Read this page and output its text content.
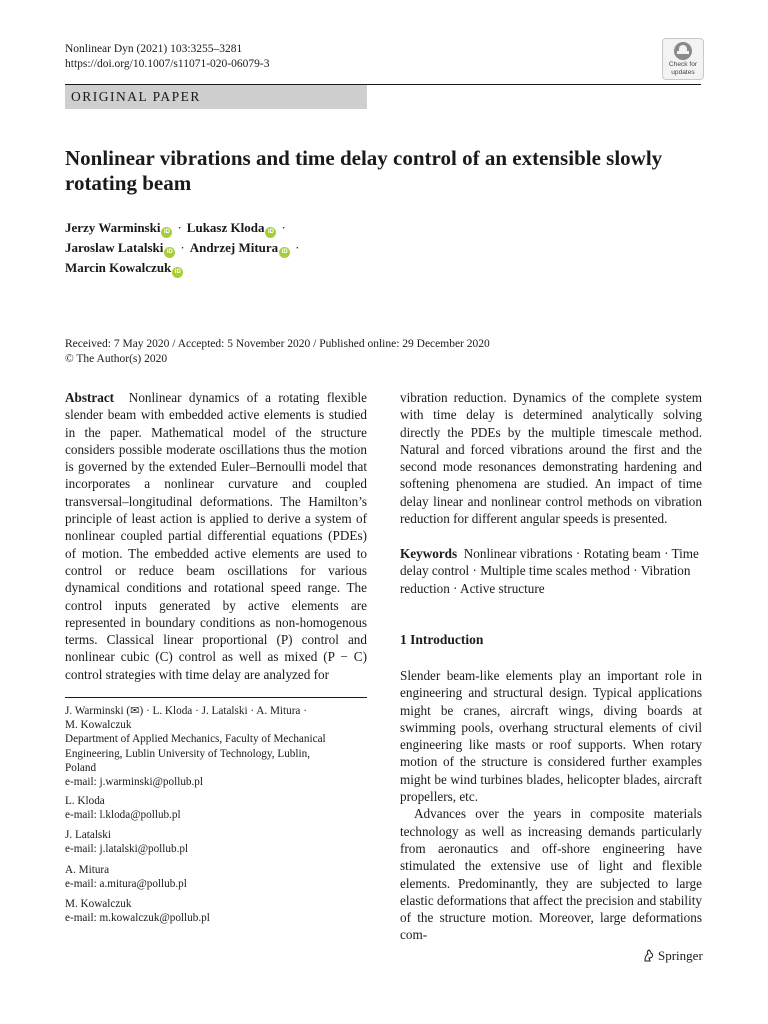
Nonlinear Dyn (2021) 103:3255–3281
https://doi.org/10.1007/s11071-020-06079-3	Check for
updates
ORIGINAL PAPER
Nonlinear vibrations and time delay control of an extensible slowly rotating beam
Jerzy Warminski iD · Lukasz Kloda iD ·
Jaroslaw Latalski iD · Andrzej Mitura iD ·
Marcin Kowalczuk iD
Received: 7 May 2020 / Accepted: 5 November 2020 / Published online: 29 December 2020
© The Author(s) 2020

Abstract Nonlinear dynamics of a rotating flexible slender beam with embedded active elements is studied in the paper. Mathematical model of the structure considers possible moderate oscillations thus the motion is governed by the extended Euler–Bernoulli model that incorporates a nonlinear curvature and coupled transversal–longitudinal deformations. The Hamilton’s principle of least action is applied to derive a system of nonlinear coupled partial differential equations (PDEs) of motion. The embedded active elements are used to control or reduce beam oscillations for various dynamical conditions and rotational speed range. The control inputs generated by active elements are represented in boundary conditions as non-homogenous terms. Classical linear proportional (P) control and nonlinear cubic (C) control as well as mixed (P − C) control strategies with time delay are analyzed for

vibration reduction. Dynamics of the complete system with time delay is determined analytically solving directly the PDEs by the multiple timescale method. Natural and forced vibrations around the first and the second mode resonances demonstrating hardening and softening phenomena are studied. An impact of time delay linear and nonlinear control methods on vibration reduction for different angular speeds is presented.

Keywords Nonlinear vibrations · Rotating beam · Time delay control · Multiple time scales method · Vibration reduction · Active structure

1 Introduction

Slender beam-like elements play an important role in engineering and structural design. Typical applications might be cranes, aircraft wings, diving boards at swimming pools, overhang structural elements of civil engineering like masts or roof supports. When rotary motion of the structure is considered further examples might be wind turbines blades, helicopter blades, aircraft propellers, etc.

Advances over the years in composite materials technology as well as increasing demands particularly from aeronautics and off-shore engineering have stimulated the extensive use of light and flexible elements. Predominantly, they are subjected to large elastic deformations that affect the precision and stability of the structure motion. Moreover, large deformations com-

J. Warminski (✉) · L. Kloda · J. Latalski · A. Mitura ·
M. Kowalczuk
Department of Applied Mechanics, Faculty of Mechanical
Engineering, Lublin University of Technology, Lublin,
Poland
e-mail: j.warminski@pollub.pl
L. Kloda
e-mail: l.kloda@pollub.pl
J. Latalski
e-mail: j.latalski@pollub.pl
A. Mitura
e-mail: a.mitura@pollub.pl
M. Kowalczuk
e-mail: m.kowalczuk@pollub.pl
Springer
